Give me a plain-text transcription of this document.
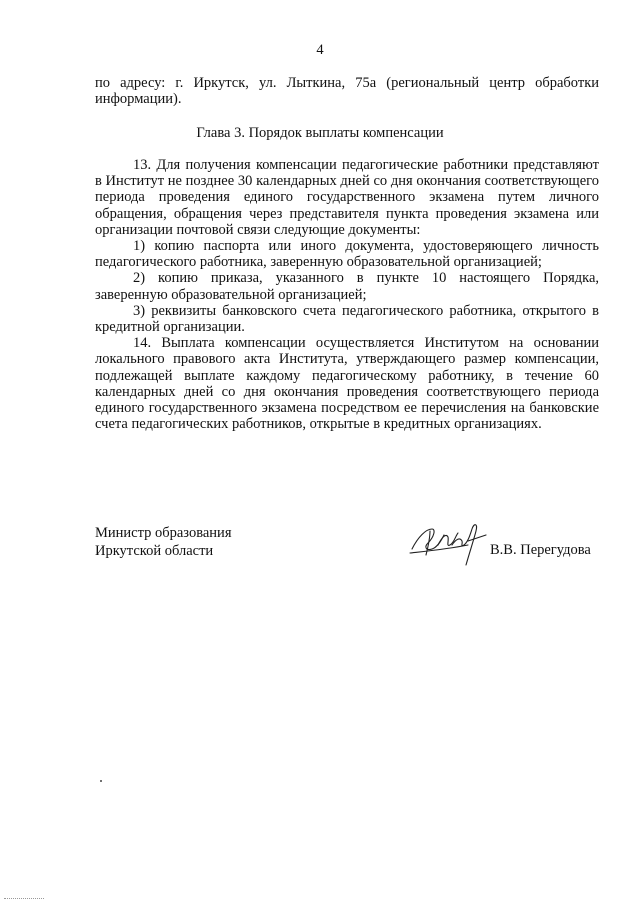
4
по адресу: г. Иркутск, ул. Лыткина, 75а (региональный центр обработки информации).
Глава 3. Порядок выплаты компенсации

13. Для получения компенсации педагогические работники представляют в Институт не позднее 30 календарных дней со дня окончания соответствующего периода проведения единого государственного экзамена путем личного обращения, обращения через представителя пункта проведения экзамена или организации почтовой связи следующие документы:

1) копию паспорта или иного документа, удостоверяющего личность педагогического работника, заверенную образовательной организацией;

2) копию приказа, указанного в пункте 10 настоящего Порядка, заверенную образовательной организацией;

3) реквизиты банковского счета педагогического работника, открытого в кредитной организации.

14. Выплата компенсации осуществляется Институтом на основании локального правового акта Института, утверждающего размер компенсации, подлежащей выплате каждому педагогическому работнику, в течение 60 календарных дней со дня окончания проведения соответствующего периода единого государственного экзамена посредством ее перечисления на банковские счета педагогических работников, открытые в кредитных организациях.

Министр образования
Иркутской области	В.В. Перегудова
